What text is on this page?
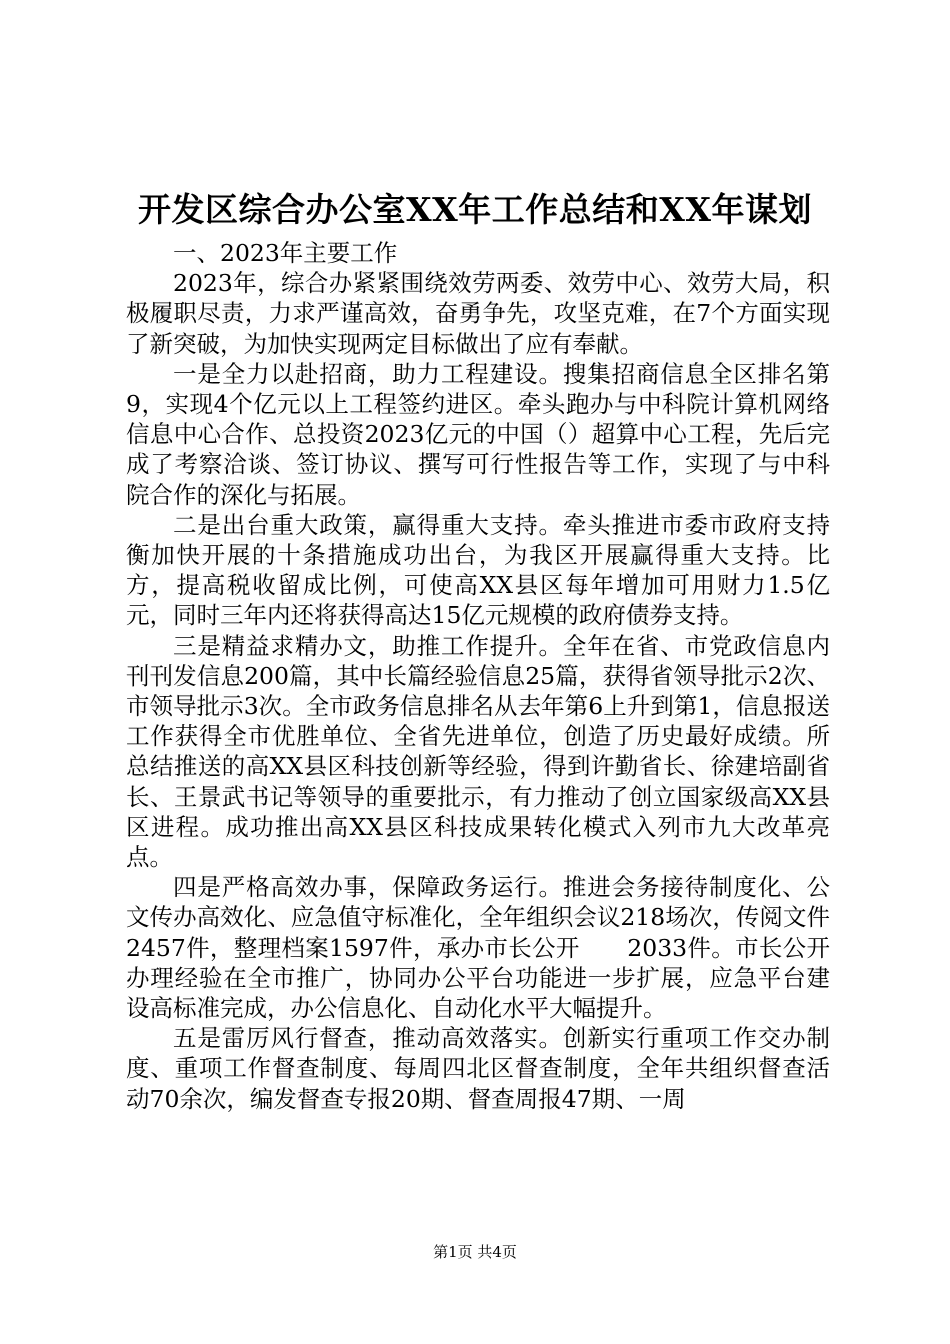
开发区综合办公室XX年工作总结和XX年谋划

一、2023年主要工作

2023年，综合办紧紧围绕效劳两委、效劳中心、效劳大局，积极履职尽责，力求严谨高效，奋勇争先，攻坚克难，在7个方面实现了新突破，为加快实现两定目标做出了应有奉献。

一是全力以赴招商，助力工程建设。搜集招商信息全区排名第9，实现4个亿元以上工程签约进区。牵头跑办与中科院计算机网络信息中心合作、总投资2023亿元的中国（）超算中心工程，先后完成了考察洽谈、签订协议、撰写可行性报告等工作，实现了与中科院合作的深化与拓展。

二是出台重大政策，赢得重大支持。牵头推进市委市政府支持衡加快开展的十条措施成功出台，为我区开展赢得重大支持。比方，提高税收留成比例，可使高XX县区每年增加可用财力1.5亿元，同时三年内还将获得高达15亿元规模的政府债券支持。

三是精益求精办文，助推工作提升。全年在省、市党政信息内刊刊发信息200篇，其中长篇经验信息25篇，获得省领导批示2次、市领导批示3次。全市政务信息排名从去年第6上升到第1，信息报送工作获得全市优胜单位、全省先进单位，创造了历史最好成绩。所总结推送的高XX县区科技创新等经验，得到许勤省长、徐建培副省长、王景武书记等领导的重要批示，有力推动了创立国家级高XX县区进程。成功推出高XX县区科技成果转化模式入列市九大改革亮点。

四是严格高效办事，保障政务运行。推进会务接待制度化、公文传办高效化、应急值守标准化，全年组织会议218场次，传阅文件2457件，整理档案1597件，承办市长公开　　2033件。市长公开　　办理经验在全市推广，协同办公平台功能进一步扩展，应急平台建设高标准完成，办公信息化、自动化水平大幅提升。

五是雷厉风行督查，推动高效落实。创新实行重项工作交办制度、重项工作督查制度、每周四北区督查制度，全年共组织督查活动70余次，编发督查专报20期、督查周报47期、一周

第1页 共4页
